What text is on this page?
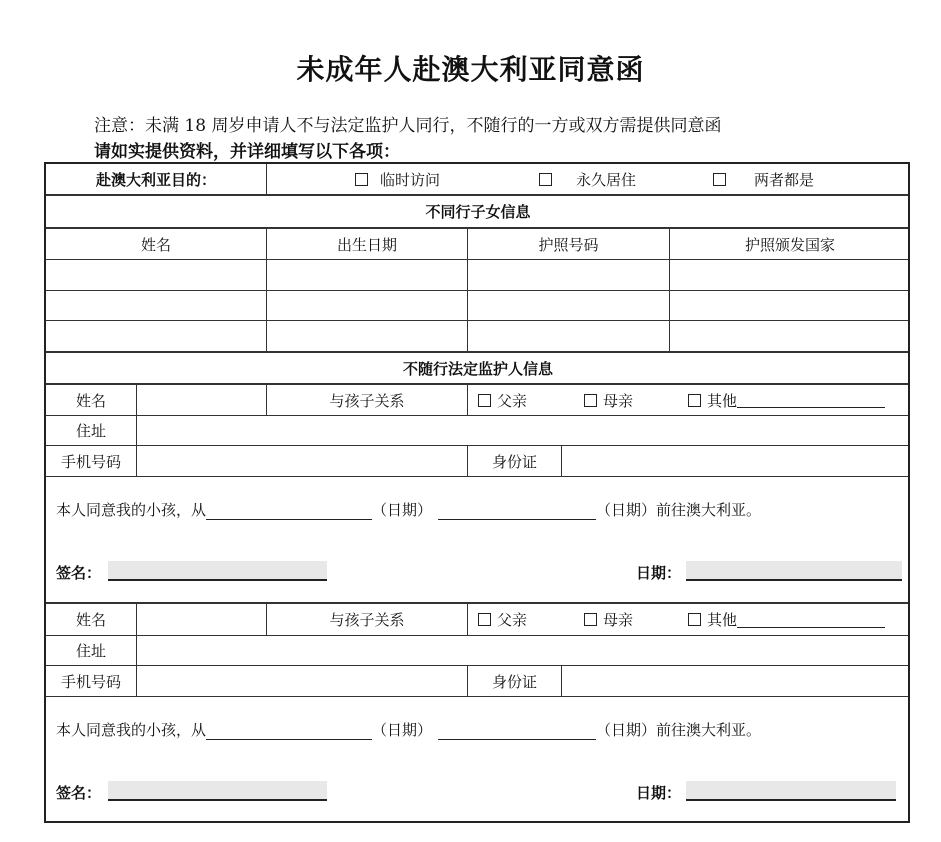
未成年人赴澳大利亚同意函
注意：未满 18 周岁申请人不与法定监护人同行，不随行的一方或双方需提供同意函
请如实提供资料，并详细填写以下各项：
赴澳大利亚目的：	临时访问	永久居住	两者都是
不同行子女信息
姓名	出生日期	护照号码	护照颁发国家
不随行法定监护人信息
姓名	与孩子关系	父亲	母亲	其他
住址
手机号码	身份证
本人同意我的小孩，从	（日期）	（日期）前往澳大利亚。
签名：	日期：
姓名	与孩子关系	父亲	母亲	其他
住址
手机号码	身份证
本人同意我的小孩，从	（日期）	（日期）前往澳大利亚。
签名：	日期：
